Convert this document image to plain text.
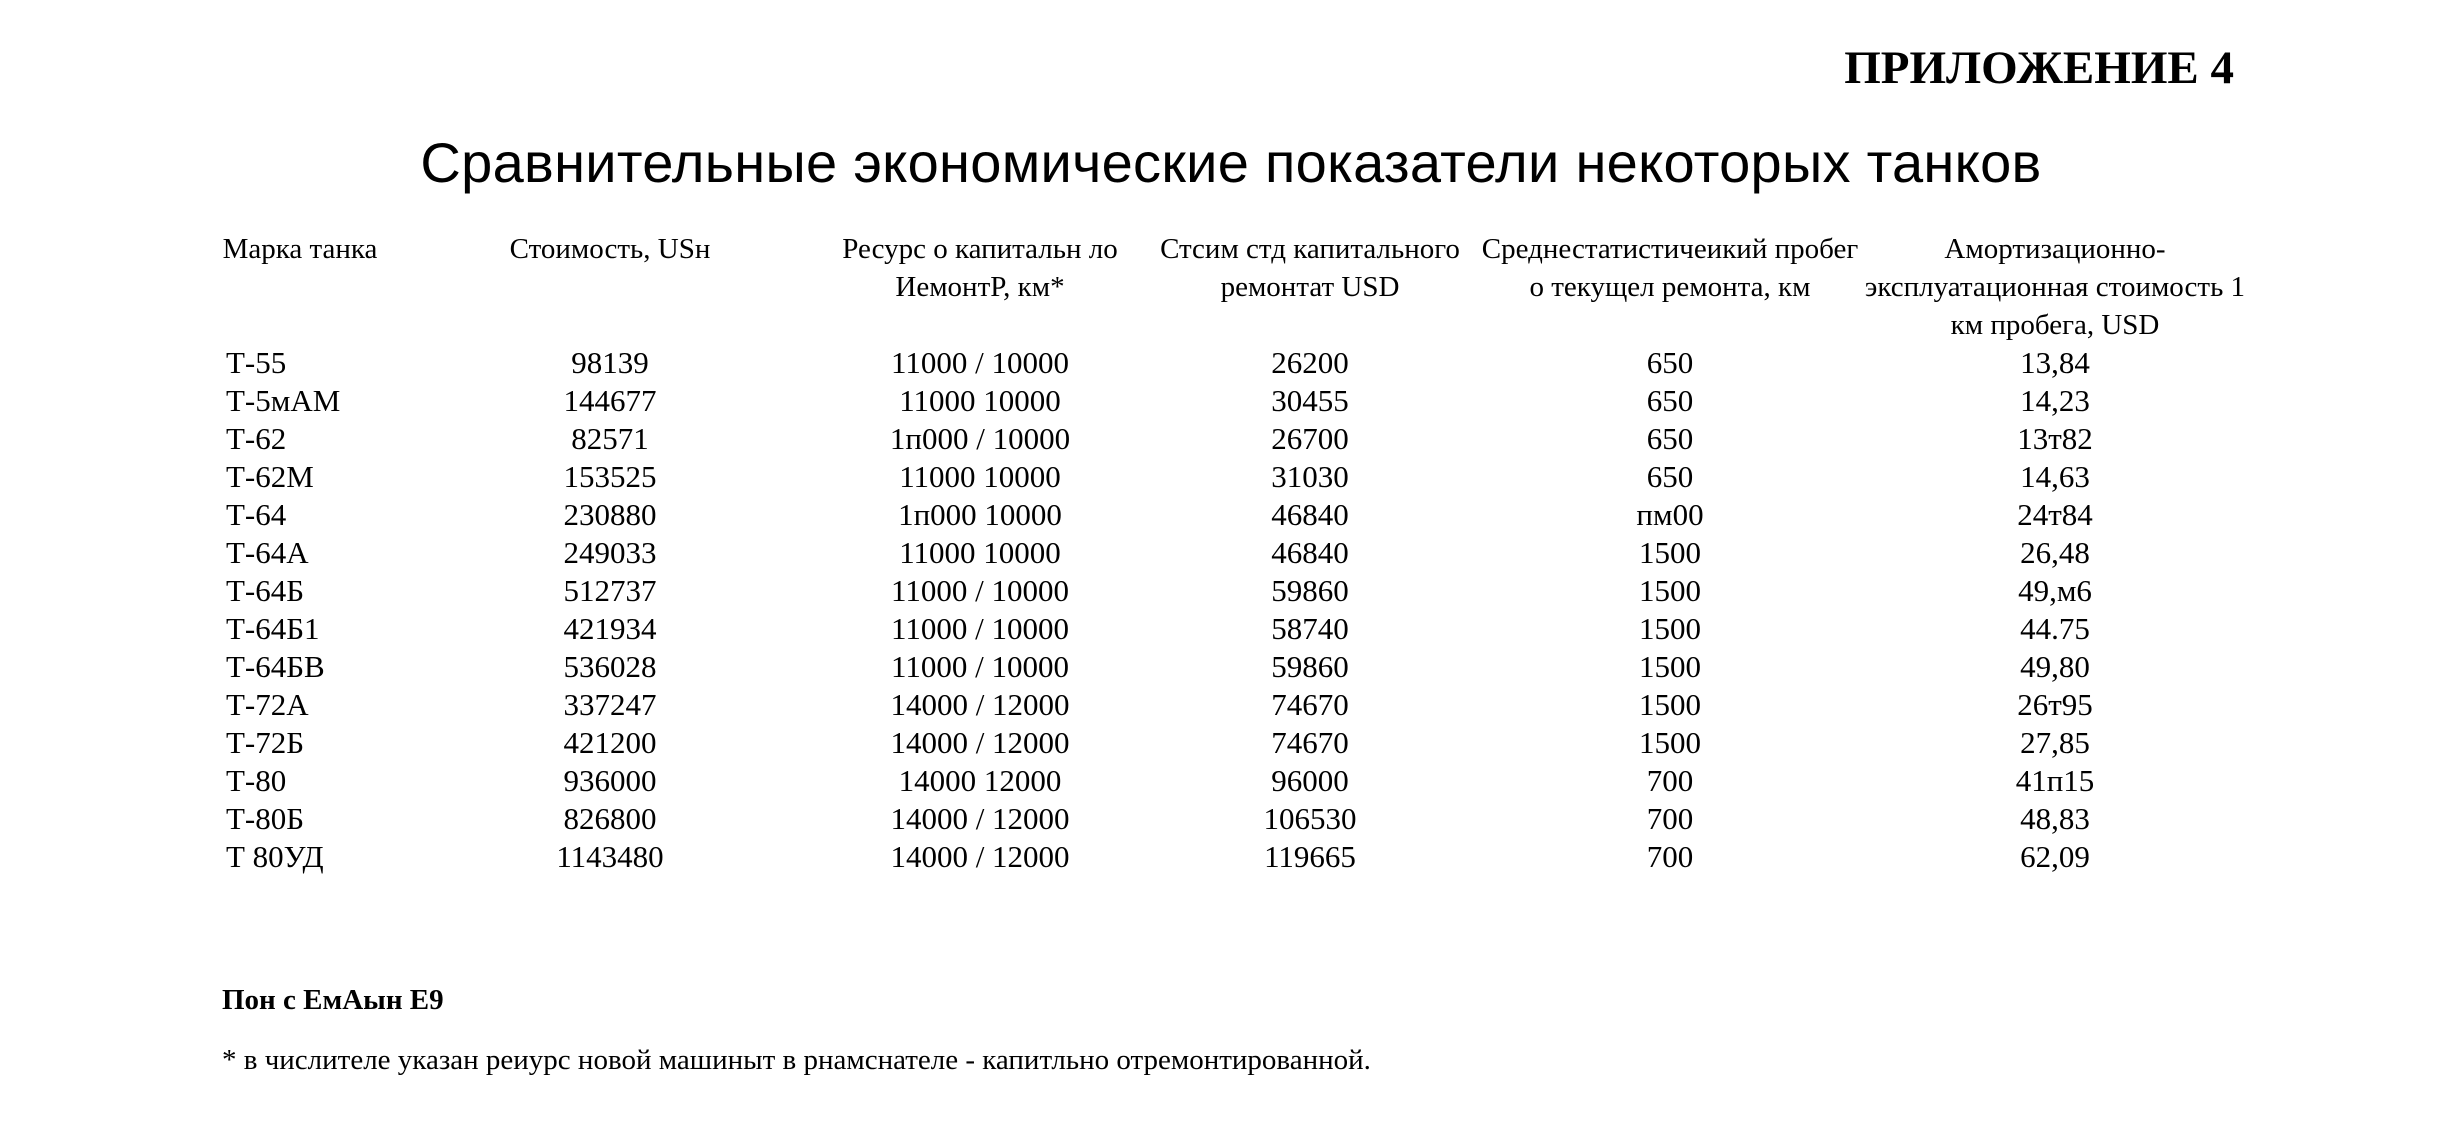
ПРИЛОЖЕНИЕ 4
Сравнительные экономические показатели некоторых танков
Марка танка	Стоимость, USн	Ресурс о капитальн лo ИемонтP, км*	Стсим стд капитального ремонтат USD	Среднестатистичеикий пробег о текущел ремонта, км	Амортизационно-эксплуатационная стоимость 1 км пробега, USD
Т-55	98139	11000 / 10000	26200	650	13,84
Т-5мАМ	144677	11000 10000	30455	650	14,23
Т-62	82571	1п000 / 10000	26700	650	13т82
Т-62М	153525	11000 10000	31030	650	14,63
Т-64	230880	1п000 10000	46840	пм00	24т84
Т-64А	249033	11000 10000	46840	1500	26,48
Т-64Б	512737	11000 / 10000	59860	1500	49,м6
Т-64Б1	421934	11000 / 10000	58740	1500	44.75
Т-64БВ	536028	11000 / 10000	59860	1500	49,80
Т-72А	337247	14000 / 12000	74670	1500	26т95
Т-72Б	421200	14000 / 12000	74670	1500	27,85
Т-80	936000	14000 12000	96000	700	41п15
Т-80Б	826800	14000 / 12000	106530	700	48,83
Т 80УД	1143480	14000 / 12000	119665	700	62,09
Пон с ЕмАын Е9
* в числителе указан реиурс новой машиныт в рнамснателе - капитльно отремонтированной.
